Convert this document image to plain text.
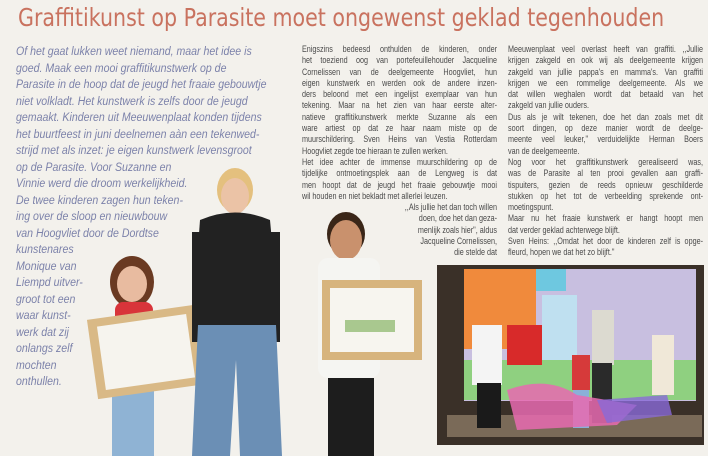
Graffitikunst op Parasite moet ongewenst geklad tegenhouden
Of het gaat lukken weet niemand, maar het idee is
goed. Maak een mooi graffitikunstwerk op de
Parasite in de hoop dat de jeugd het fraaie gebouwtje
niet volkladt. Het kunstwerk is zelfs door de jeugd
gemaakt. Kinderen uit Meeuwenplaat konden tijdens
het buurtfeest in juni deelnemen aàn een tekenwed-
strijd met als inzet: je eigen kunstwerk levensgroot
op de Parasite. Voor Suzanne en
Vinnie werd die droom werkelijkheid.
De twee kinderen zagen hun teken-
ing over de sloop en nieuwbouw
van Hoogvliet door de Dordtse
kunstenares
Monique van
Liempd uitver-
groot tot een
waar kunst-
werk dat zij
onlangs zelf
mochten
onthullen.
Enigszins bedeesd onthulden de kinderen, onder
het toeziend oog van portefeuillehouder Jacqueline
Cornelissen van de deelgemeente Hoogvliet, hun
eigen kunstwerk en werden ook de andere inzen-
ders beloond met een ingelijst exemplaar van hun
tekening. Maar na het zien van haar eerste alter-
natieve graffitikunstwerk merkte Suzanne als een
ware artiest op dat ze haar naam miste op de
muurschildering. Sven Heins van Vestia Rotterdam
Hoogvliet zegde toe hieraan te zullen werken.
Het idee achter de immense muurschildering op de
tijdelijke ontmoetingsplek aan de Lengweg is dat
men hoopt dat de jeugd het fraaie gebouwtje mooi
wil houden en niet bekladt met allerlei leuzen.
,,Als jullie het dan toch willen
doen, doe het dan geza-
menlijk zoals hier", aldus
Jacqueline Cornelissen,
die stelde dat
Meeuwenplaat veel overlast heeft van graffiti. ,,Jullie
krijgen zakgeld en ook wij als deelgemeente krijgen
zakgeld van jullie pappa's en mamma's. Van graffiti
krijgen we een rommelige deelgemeente. Als we
dat willen weghalen wordt dat betaald van het
zakgeld van jullie ouders.
Dus als je wilt tekenen, doe het dan zoals met dit
soort dingen, op deze manier wordt de deelge-
meente veel leuker," verduidelijkte Herman Boers
van de deelgemeente.
Nog voor het graffitikunstwerk gerealiseerd was,
was de Parasite al ten prooi gevallen aan graffi-
tispuiters, gezien de reeds opnieuw geschilderde
stukken op het tot de verbeelding sprekende ont-
moetingspunt.
Maar nu het fraaie kunstwerk er hangt hoopt men
dat verder geklad achterwege blijft.
Sven Heins: ,,Omdat het door de kinderen zelf is opge-
fleurd, hopen we dat het zo blijft."
